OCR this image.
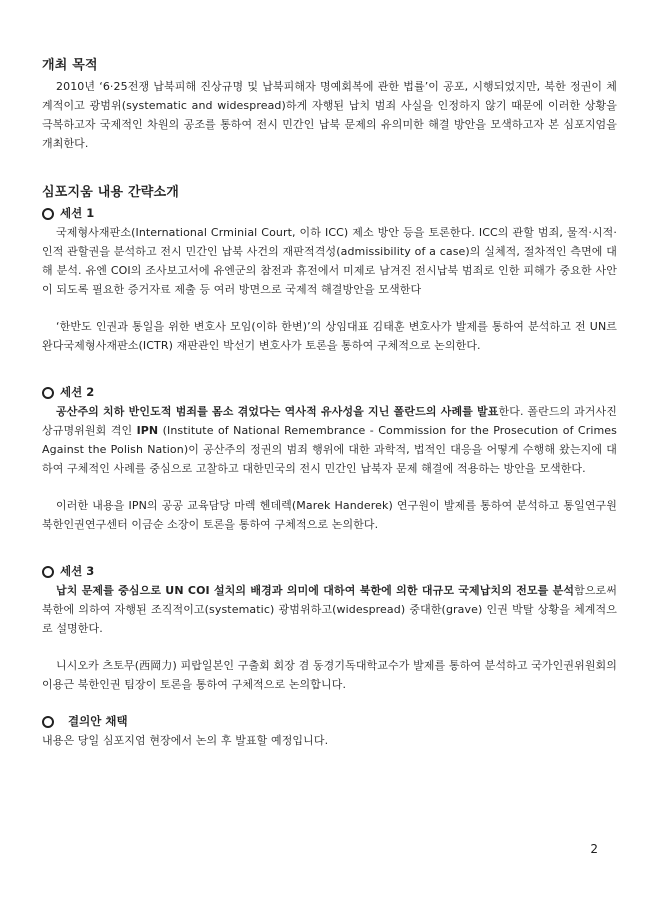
개최 목적

2010년 ‘6·25전쟁 납북피해 진상규명 및 납북피해자 명예회복에 관한 법률’이 공포, 시행되었지만, 북한 정권이 체계적이고 광범위(systematic and widespread)하게 자행된 납치 범죄 사실을 인정하지 않기 때문에 이러한 상황을 극복하고자 국제적인 차원의 공조를 통하여 전시 민간인 납북 문제의 유의미한 해결 방안을 모색하고자 본 심포지엄을 개최한다.

심포지움 내용 간략소개
세션 1

국제형사재판소(International Crminial Court, 이하 ICC) 제소 방안 등을 토론한다. ICC의 관할 범죄, 물적·시적·인적 관할권을 분석하고 전시 민간인 납북 사건의 재판적격성(admissibility of a case)의 실체적, 절차적인 측면에 대해 분석. 유엔 COI의 조사보고서에 유엔군의 참전과 휴전에서 미제로 남겨진 전시납북 범죄로 인한 피해가 중요한 사안이 되도록 필요한 증거자료 제출 등 여러 방면으로 국제적 해결방안을 모색한다

‘한반도 인권과 통일을 위한 변호사 모임(이하 한변)’의 상임대표 김태훈 변호사가 발제를 통하여 분석하고 전 UN르완다국제형사재판소(ICTR) 재판관인 박선기 변호사가 토론을 통하여 구체적으로 논의한다.

세션 2

공산주의 치하 반인도적 범죄를 몸소 겪었다는 역사적 유사성을 지닌 폴란드의 사례를 발표한다. 폴란드의 과거사진상규명위원회 격인 IPN (Institute of National Remembrance - Commission for the Prosecution of Crimes Against the Polish Nation)이 공산주의 정권의 범죄 행위에 대한 과학적, 법적인 대응을 어떻게 수행해 왔는지에 대하여 구체적인 사례를 중심으로 고찰하고 대한민국의 전시 민간인 납북자 문제 해결에 적용하는 방안을 모색한다.

이러한 내용을 IPN의 공공 교육담당 마렉 헨데렉(Marek Handerek) 연구원이 발제를 통하여 분석하고 통일연구원 북한인권연구센터 이금순 소장이 토론을 통하여 구체적으로 논의한다.

세션 3

납치 문제를 중심으로 UN COI 설치의 배경과 의미에 대하여 북한에 의한 대규모 국제납치의 전모를 분석함으로써 북한에 의하여 자행된 조직적이고(systematic) 광범위하고(widespread) 중대한(grave) 인권 박탈 상황을 체계적으로 설명한다.

니시오카 츠토무(西岡力) 피랍일본인 구출회 회장 겸 동경기독대학교수가 발제를 통하여 분석하고 국가인권위원회의 이용근 북한인권 팀장이 토론을 통하여 구체적으로 논의합니다.

결의안 채택

내용은 당일 심포지엄 현장에서 논의 후 발표할 예정입니다.

2
